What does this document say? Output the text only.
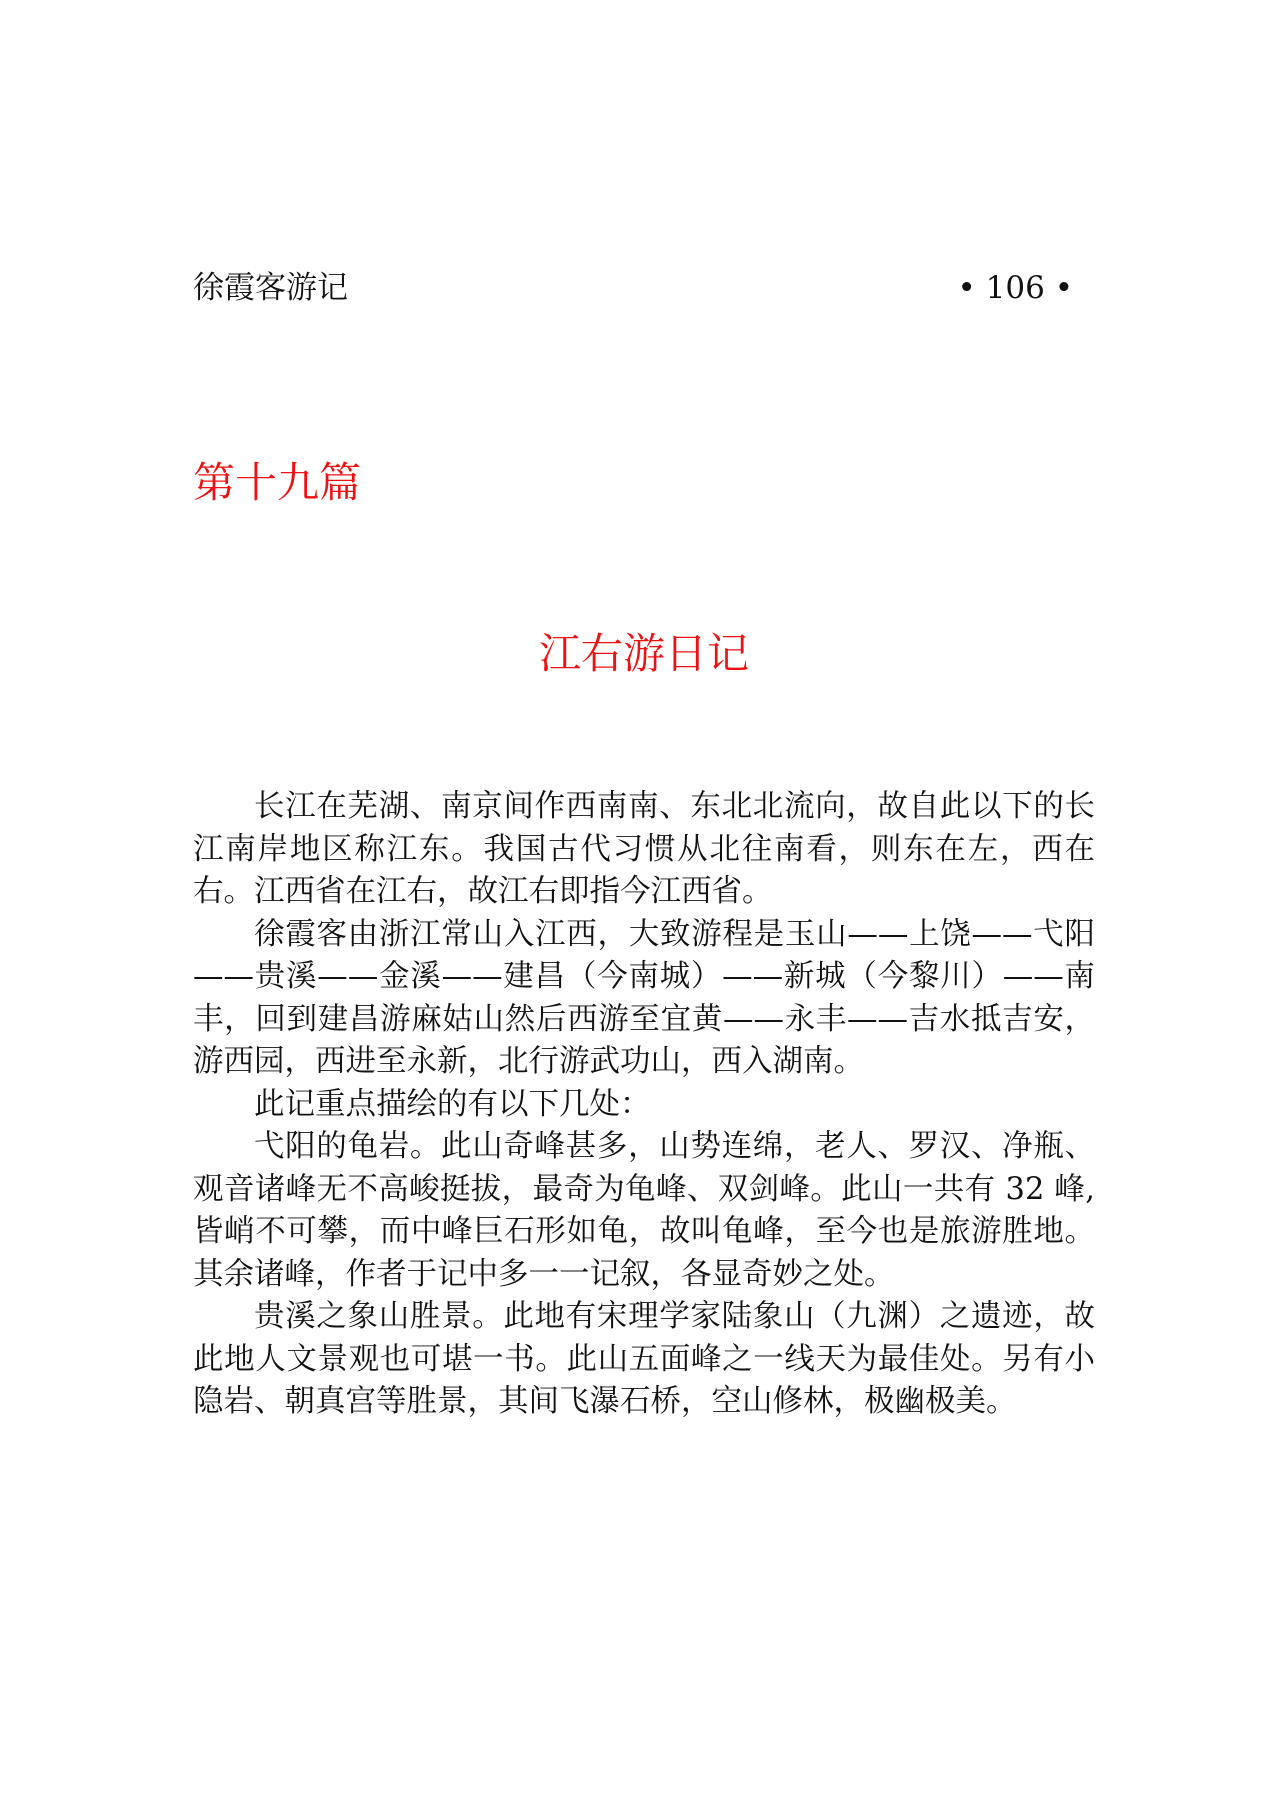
徐霞客游记	• 106 •
第十九篇
江右游日记

长江在芜湖、南京间作西南南、东北北流向，故自此以下的长江南岸地区称江东。我国古代习惯从北往南看，则东在左，西在右。江西省在江右，故江右即指今江西省。

徐霞客由浙江常山入江西，大致游程是玉山——上饶——弋阳——贵溪——金溪——建昌（今南城）——新城（今黎川）——南丰，回到建昌游麻姑山然后西游至宜黄——永丰——吉水抵吉安，游西园，西进至永新，北行游武功山，西入湖南。

此记重点描绘的有以下几处：

弋阳的龟岩。此山奇峰甚多，山势连绵，老人、罗汉、净瓶、观音诸峰无不高峻挺拔，最奇为龟峰、双剑峰。此山一共有 32 峰,皆峭不可攀，而中峰巨石形如龟，故叫龟峰，至今也是旅游胜地。其余诸峰，作者于记中多一一记叙，各显奇妙之处。

贵溪之象山胜景。此地有宋理学家陆象山（九渊）之遗迹，故此地人文景观也可堪一书。此山五面峰之一线天为最佳处。另有小隐岩、朝真宫等胜景，其间飞瀑石桥，空山修林，极幽极美。
